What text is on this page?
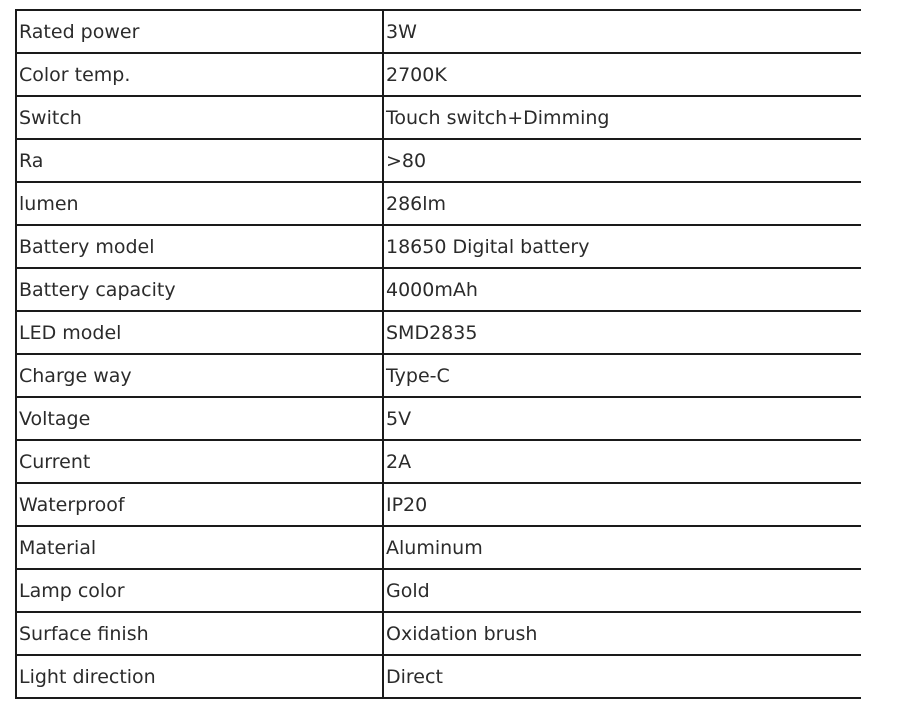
Rated power	3W
Color temp.	2700K
Switch	Touch switch+Dimming
Ra	>80
lumen	286lm
Battery model	18650 Digital battery
Battery capacity	4000mAh
LED model	SMD2835
Charge way	Type-C
Voltage	5V
Current	2A
Waterproof	IP20
Material	Aluminum
Lamp color	Gold
Surface finish	Oxidation brush
Light direction	Direct
